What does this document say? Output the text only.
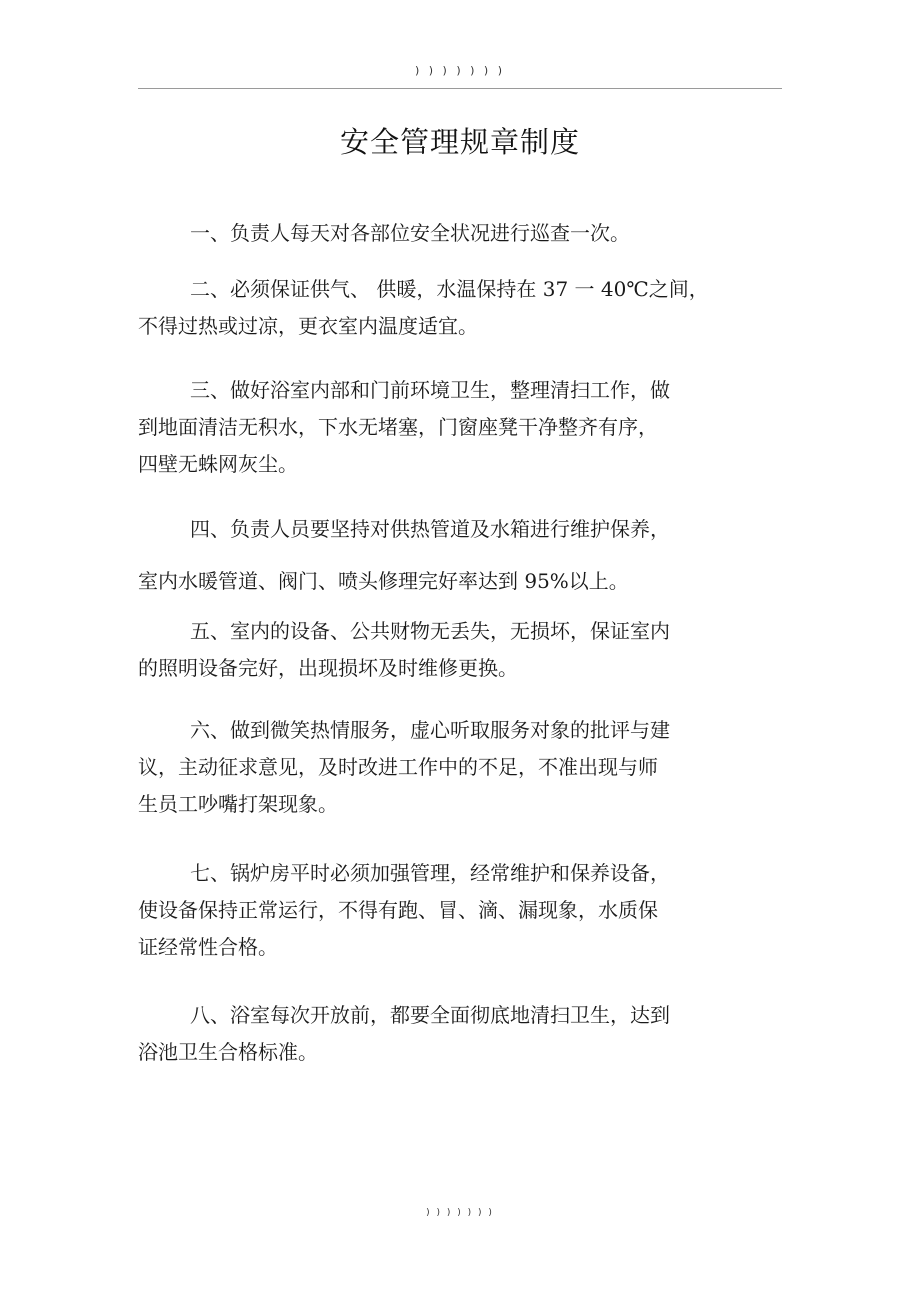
) ) ) ) ) ) )
安全管理规章制度

一、负责人每天对各部位安全状况进行巡查一次。

二、必须保证供气、 供暖，水温保持在 37 一 40℃之间，
不得过热或过凉，更衣室内温度适宜。

三、做好浴室内部和门前环境卫生，整理清扫工作，做
到地面清洁无积水，下水无堵塞，门窗座凳干净整齐有序，
四壁无蛛网灰尘。

四、负责人员要坚持对供热管道及水箱进行维护保养，
室内水暖管道、阀门、喷头修理完好率达到 95%以上。

五、室内的设备、公共财物无丢失，无损坏，保证室内
的照明设备完好，出现损坏及时维修更换。

六、做到微笑热情服务，虚心听取服务对象的批评与建
议，主动征求意见，及时改进工作中的不足，不准出现与师
生员工吵嘴打架现象。

七、锅炉房平时必须加强管理，经常维护和保养设备，
使设备保持正常运行，不得有跑、冒、滴、漏现象，水质保
证经常性合格。

八、浴室每次开放前，都要全面彻底地清扫卫生，达到
浴池卫生合格标准。

) ) ) ) ) ) )
